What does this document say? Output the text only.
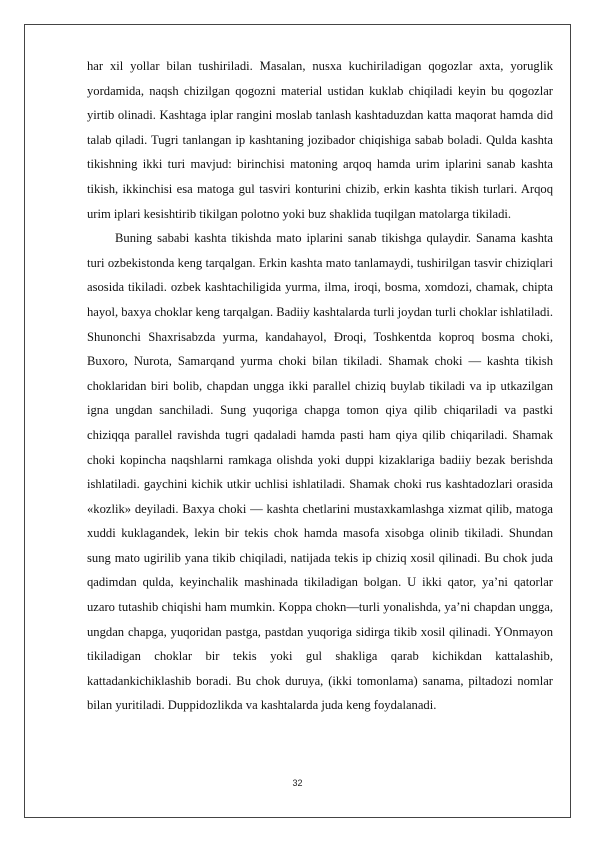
har xil yollar bilan tushiriladi. Masalan, nusxa kuchiriladigan qogozlar axta, yoruglik yordamida, naqsh chizilgan qogozni material ustidan kuklab chiqiladi keyin bu qogozlar yirtib olinadi. Kashtaga iplar rangini moslab tanlash kashtaduzdan katta maqorat hamda did talab qiladi. Tugri tanlangan ip kashtaning jozibador chiqishiga sabab boladi. Qulda kashta tikishning ikki turi mavjud: birinchisi matoning arqoq hamda urim iplarini sanab kashta tikish, ikkinchisi esa matoga gul tasviri konturini chizib, erkin kashta tikish turlari. Arqoq urim iplari kesishtirib tikilgan polotno yoki buz shaklida tuqilgan matolarga tikiladi.

Buning sababi kashta tikishda mato iplarini sanab tikishga qulaydir. Sanama kashta turi ozbekistonda keng tarqalgan. Erkin kashta mato tanlamaydi, tushirilgan tasvir chiziqlari asosida tikiladi. ozbek kashtachiligida yurma, ilma, iroqi, bosma, xomdozi, chamak, chipta hayol, baxya choklar keng tarqalgan. Badiiy kashtalarda turli joydan turli choklar ishlatiladi. Shunonchi Shaxrisabzda yurma, kandahayol, Ðroqi, Toshkentda koproq bosma choki, Buxoro, Nurota, Samarqand yurma choki bilan tikiladi. Shamak choki — kashta tikish choklaridan biri bolib, chapdan ungga ikki parallel chiziq buylab tikiladi va ip utkazilgan igna ungdan sanchiladi. Sung yuqoriga chapga tomon qiya qilib chiqariladi va pastki chiziqqa parallel ravishda tugri qadaladi hamda pasti ham qiya qilib chiqariladi. Shamak choki kopincha naqshlarni ramkaga olishda yoki duppi kizaklariga badiiy bezak berishda ishlatiladi. gaychini kichik utkir uchlisi ishlatiladi. Shamak choki rus kashtadozlari orasida «kozlik» deyiladi. Baxya choki — kashta chetlarini mustaxkamlashga xizmat qilib, matoga xuddi kuklagandek, lekin bir tekis chok hamda masofa xisobga olinib tikiladi. Shundan sung mato ugirilib yana tikib chiqiladi, natijada tekis ip chiziq xosil qilinadi. Bu chok juda qadimdan qulda, keyinchalik mashinada tikiladigan bolgan. U ikki qator, ya’ni qatorlar uzaro tutashib chiqishi ham mumkin. Koppa chokn—turli yonalishda, ya’ni chapdan ungga, ungdan chapga, yuqoridan pastga, pastdan yuqoriga sidirga tikib xosil qilinadi. YOnmayon tikiladigan choklar bir tekis yoki gul shakliga qarab kichikdan kattalashib, kattadankichiklashib boradi. Bu chok duruya, (ikki tomonlama) sanama, piltadozi nomlar bilan yuritiladi. Duppidozlikda va kashtalarda juda keng foydalanadi.

32
